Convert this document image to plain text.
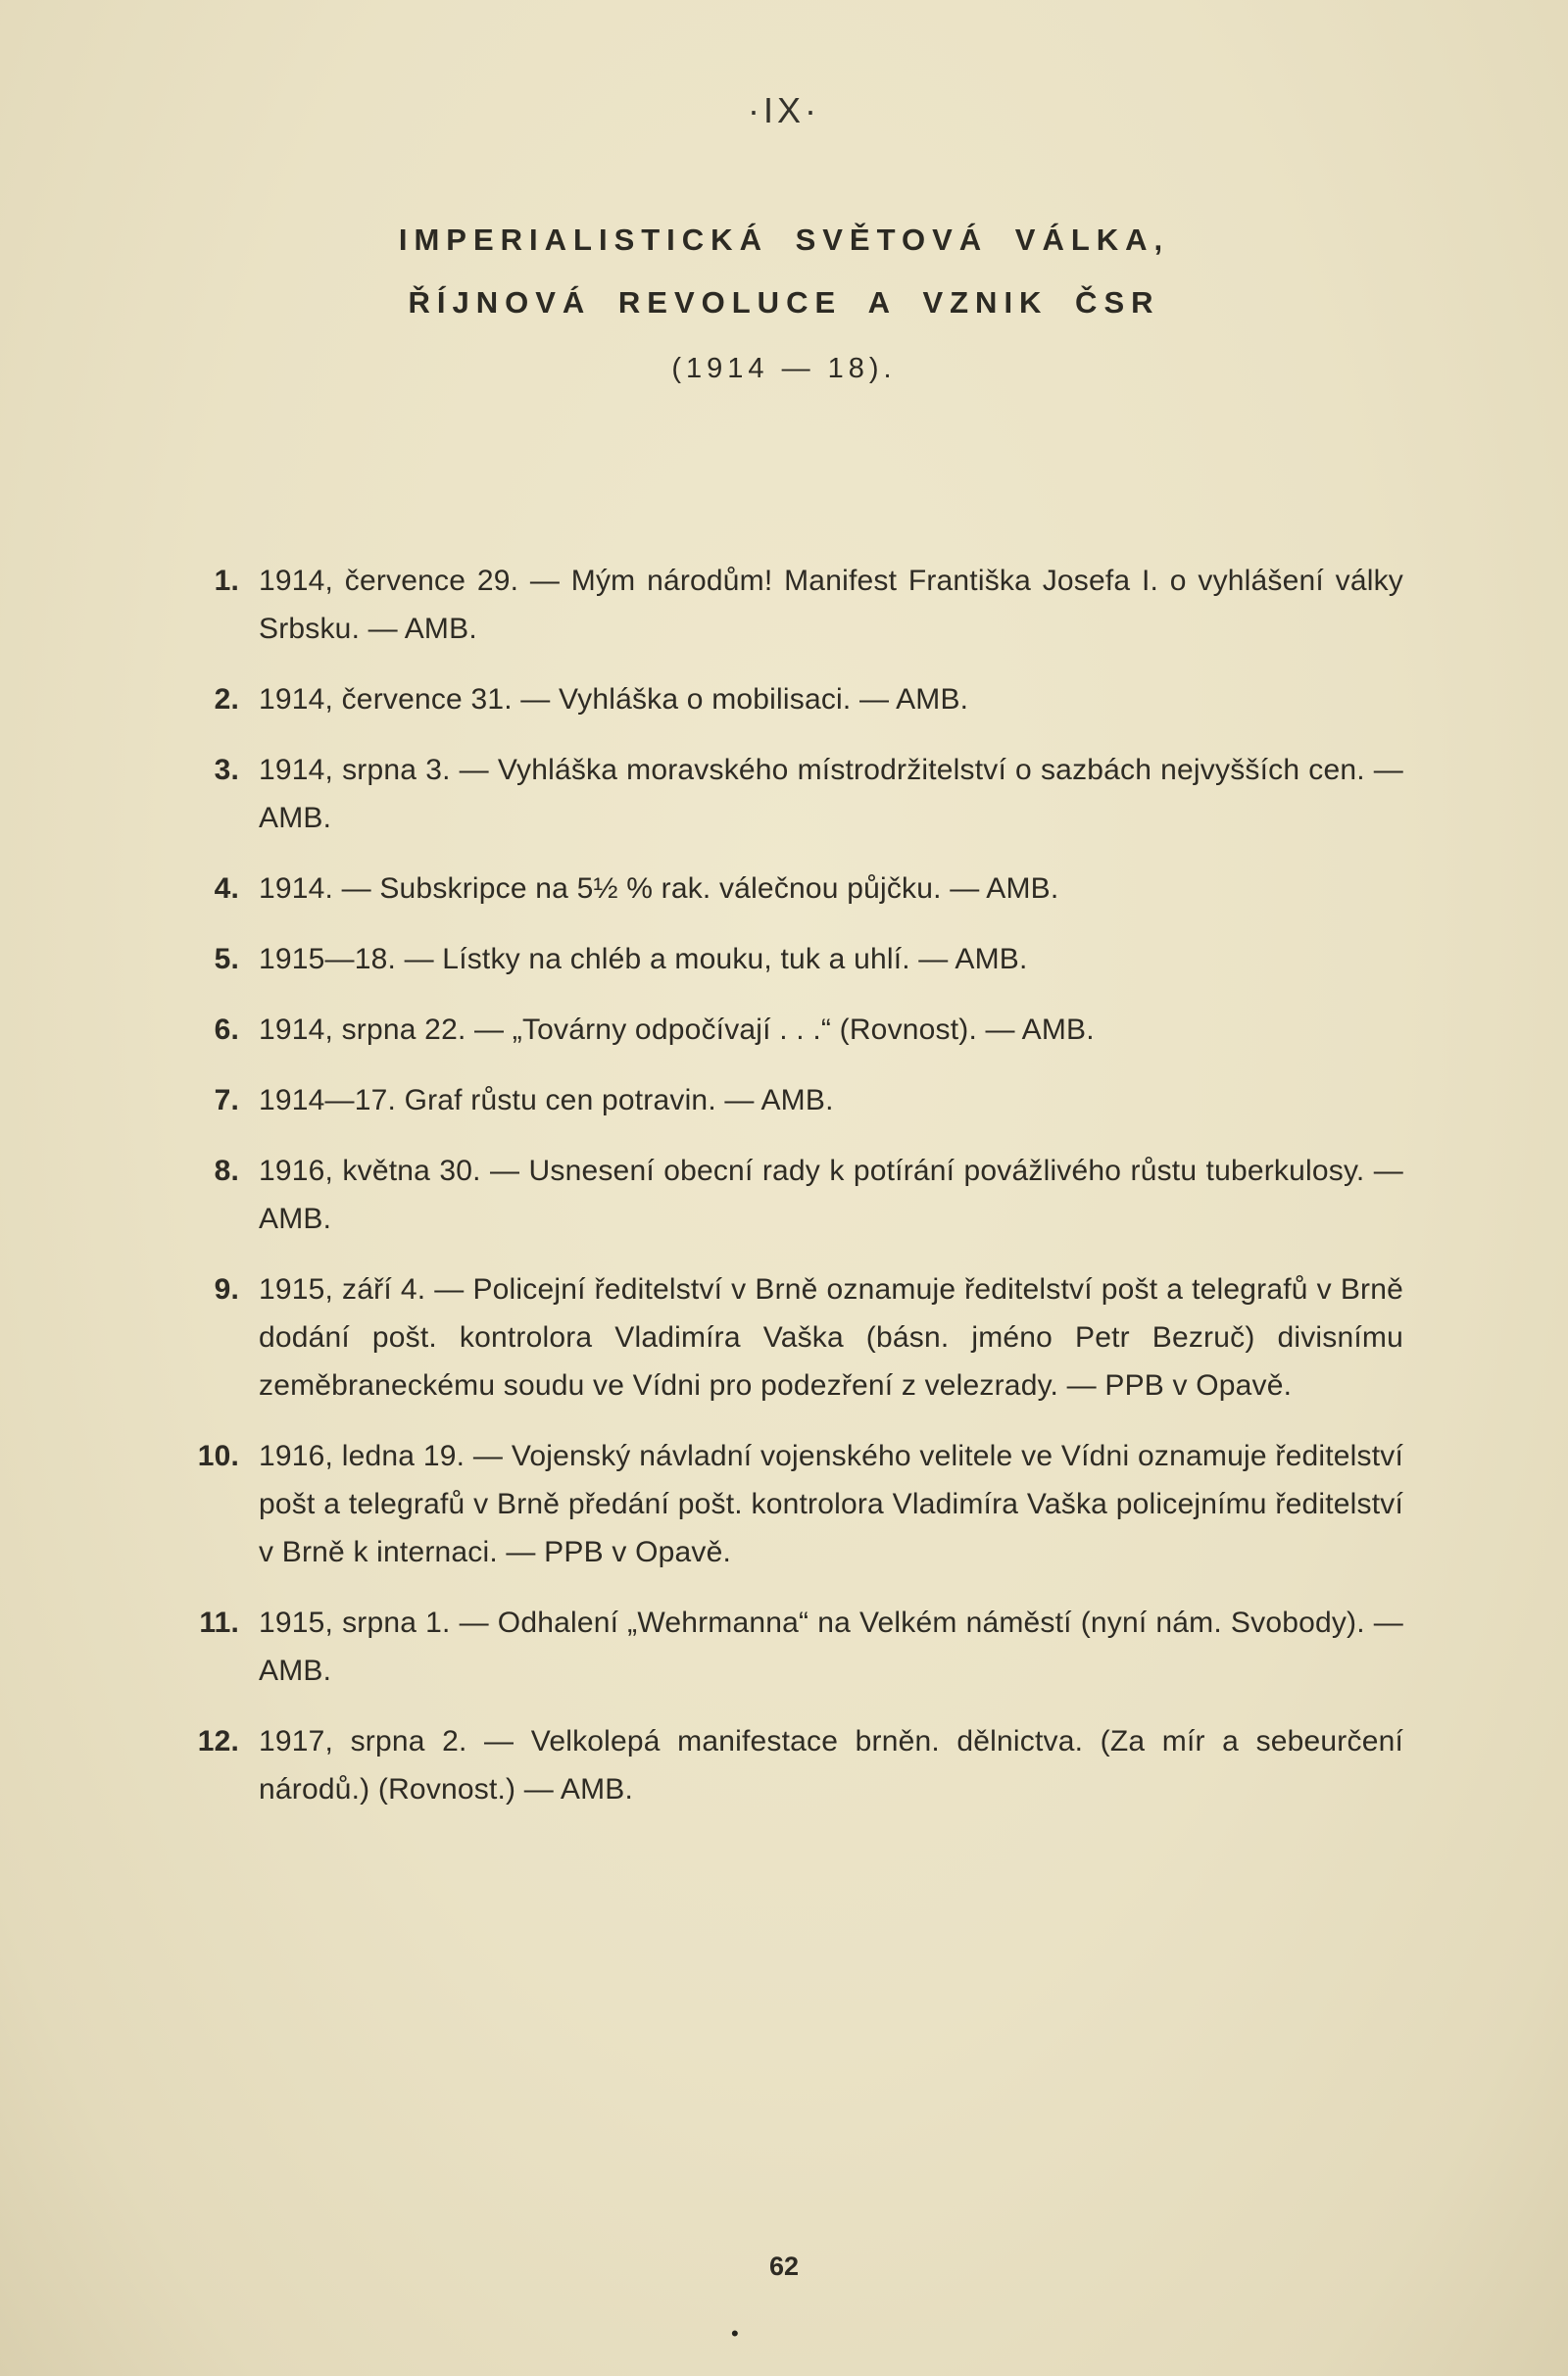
·IX·
IMPERIALISTICKÁ SVĚTOVÁ VÁLKA,
ŘÍJNOVÁ REVOLUCE A VZNIK ČSR
(1914 — 18).
1. 1914, července 29. — Mým národům! Manifest Františka Josefa I. o vyhlášení války Srbsku. — AMB.
2. 1914, července 31. — Vyhláška o mobilisaci. — AMB.
3. 1914, srpna 3. — Vyhláška moravského místrodržitelství o sazbách nejvyšších cen. — AMB.
4. 1914. — Subskripce na 5½ % rak. válečnou půjčku. — AMB.
5. 1915—18. — Lístky na chléb a mouku, tuk a uhlí. — AMB.
6. 1914, srpna 22. — „Továrny odpočívají . . .“ (Rovnost). — AMB.
7. 1914—17. Graf růstu cen potravin. — AMB.
8. 1916, května 30. — Usnesení obecní rady k potírání povážlivého růstu tuberkulosy. — AMB.
9. 1915, září 4. — Policejní ředitelství v Brně oznamuje ředitelství pošt a telegrafů v Brně dodání pošt. kontrolora Vladimíra Vaška (básn. jméno Petr Bezruč) divisnímu zeměbraneckému soudu ve Vídni pro podezření z velezrady. — PPB v Opavě.
10. 1916, ledna 19. — Vojenský návladní vojenského velitele ve Vídni oznamuje ředitelství pošt a telegrafů v Brně předání pošt. kontrolora Vladimíra Vaška policejnímu ředitelství v Brně k internaci. — PPB v Opavě.
11. 1915, srpna 1. — Odhalení „Wehrmanna“ na Velkém náměstí (nyní nám. Svobody). — AMB.
12. 1917, srpna 2. — Velkolepá manifestace brněn. dělnictva. (Za mír a sebeurčení národů.) (Rovnost.) — AMB.
62
•
